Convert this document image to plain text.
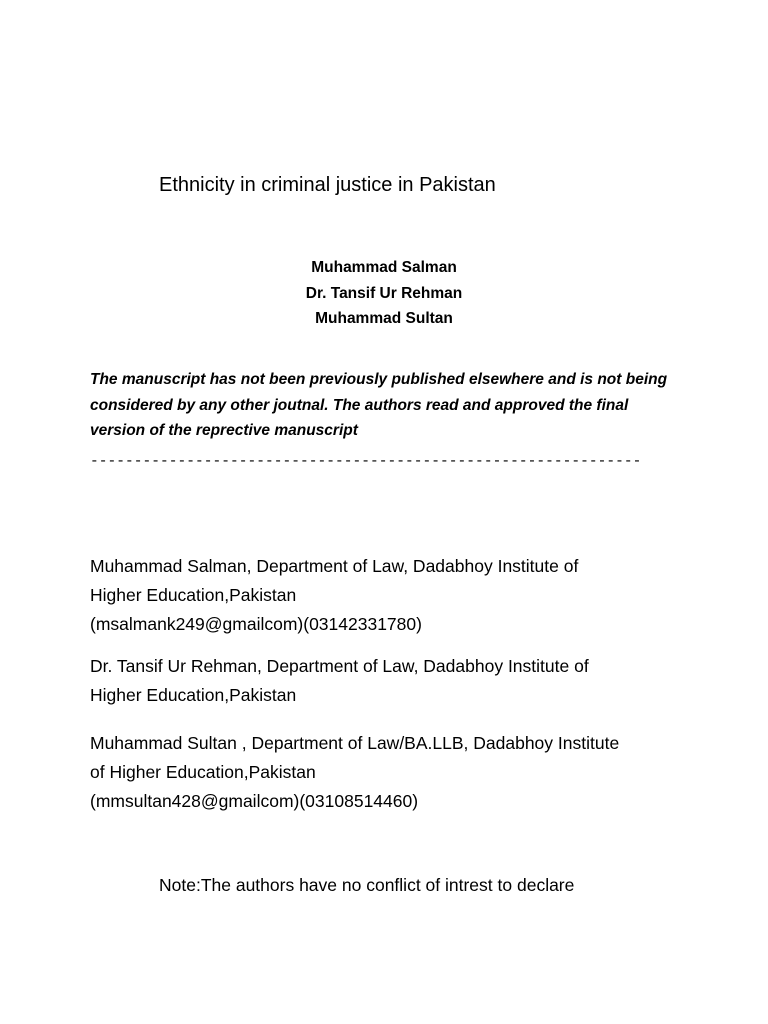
Ethnicity in criminal justice in Pakistan
Muhammad Salman
Dr. Tansif Ur Rehman
Muhammad Sultan
The manuscript has not been previously published elsewhere and is not being
considered by any other joutnal. The authors read and approved the final
version of the reprective manuscript
---------------------------------------------------------------
Muhammad Salman, Department of Law, Dadabhoy Institute of
Higher Education,Pakistan
(msalmank249@gmailcom)(03142331780)
Dr. Tansif Ur Rehman, Department of Law, Dadabhoy Institute of
Higher Education,Pakistan
Muhammad Sultan , Department of Law/BA.LLB, Dadabhoy Institute
of Higher Education,Pakistan
(mmsultan428@gmailcom)(03108514460)

Note:The authors have no conflict of intrest to declare
